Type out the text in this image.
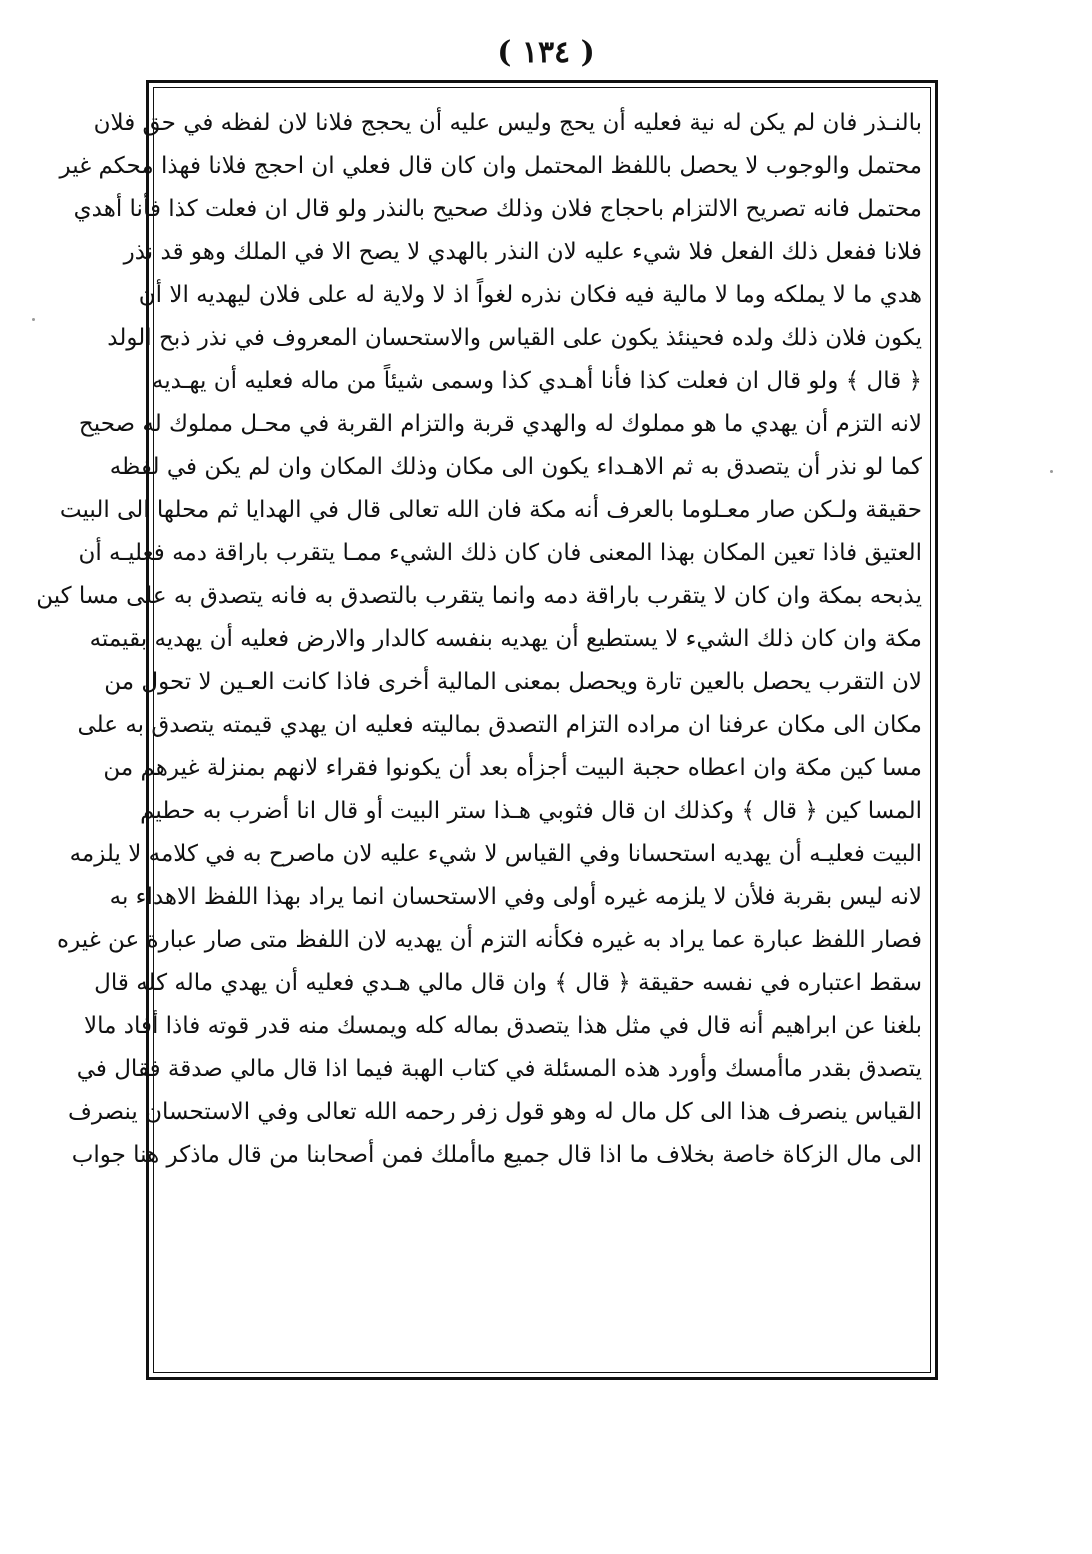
( ١٣٤ )
بالنـذر فان لم يكن له نية فعليه أن يحج وليس عليه أن يحجج فلانا لان لفظه في حق فلان
محتمل والوجوب لا يحصل باللفظ المحتمل وان كان قال فعلي ان احجج فلانا فهذا محكم غير
محتمل فانه تصريح الالتزام باحجاج فلان وذلك صحيح بالنذر ولو قال ان فعلت كذا فأنا أهدي
فلانا ففعل ذلك الفعل فلا شيء عليه لان النذر بالهدي لا يصح الا في الملك وهو قد نذر
هدي ما لا يملكه وما لا مالية فيه فكان نذره لغواً اذ لا ولاية له على فلان ليهديه الا أن
يكون فلان ذلك ولده فحينئذ يكون على القياس والاستحسان المعروف في نذر ذبح الولد
﴿ قال ﴾ ولو قال ان فعلت كذا فأنا أهـدي كذا وسمى شيئاً من ماله فعليه أن يهـديه
لانه التزم أن يهدي ما هو مملوك له والهدي قربة والتزام القربة في محـل مملوك له صحيح
كما لو نذر أن يتصدق به ثم الاهـداء يكون الى مكان وذلك المكان وان لم يكن في لفظه
حقيقة ولـكن صار معـلوما بالعرف أنه مكة فان الله تعالى قال في الهدايا ثم محلها الى البيت
العتيق فاذا تعين المكان بهذا المعنى فان كان ذلك الشيء ممـا يتقرب باراقة دمه فعليـه أن
يذبحه بمكة وان كان لا يتقرب باراقة دمه وانما يتقرب بالتصدق به فانه يتصدق به على مسا كين
مكة وان كان ذلك الشيء لا يستطيع أن يهديه بنفسه كالدار والارض فعليه أن يهديه بقيمته
لان التقرب يحصل بالعين تارة ويحصل بمعنى المالية أخرى فاذا كانت العـين لا تحول من
مكان الى مكان عرفنا ان مراده التزام التصدق بماليته فعليه ان يهدي قيمته يتصدق به على
مسا كين مكة وان اعطاه حجبة البيت أجزأه بعد أن يكونوا فقراء لانهم بمنزلة غيرهم من
المسا كين ﴿ قال ﴾ وكذلك ان قال فثوبي هـذا ستر البيت أو قال انا أضرب به حطيم
البيت فعليـه أن يهديه استحسانا وفي القياس لا شيء عليه لان ماصرح به في كلامه لا يلزمه
لانه ليس بقربة فلأن لا يلزمه غيره أولى وفي الاستحسان انما يراد بهذا اللفظ الاهداء به
فصار اللفظ عبارة عما يراد به غيره فكأنه التزم أن يهديه لان اللفظ متى صار عبارة عن غيره
سقط اعتباره في نفسه حقيقة ﴿ قال ﴾ وان قال مالي هـدي فعليه أن يهدي ماله كله قال
بلغنا عن ابراهيم أنه قال في مثل هذا يتصدق بماله كله ويمسك منه قدر قوته فاذا أفاد مالا
يتصدق بقدر ماأمسك وأورد هذه المسئلة في كتاب الهبة فيما اذا قال مالي صدقة فقال في
القياس ينصرف هذا الى كل مال له وهو قول زفر رحمه الله تعالى وفي الاستحسان ينصرف
الى مال الزكاة خاصة بخلاف ما اذا قال جميع ماأملك فمن أصحابنا من قال ماذكر هنا جواب
